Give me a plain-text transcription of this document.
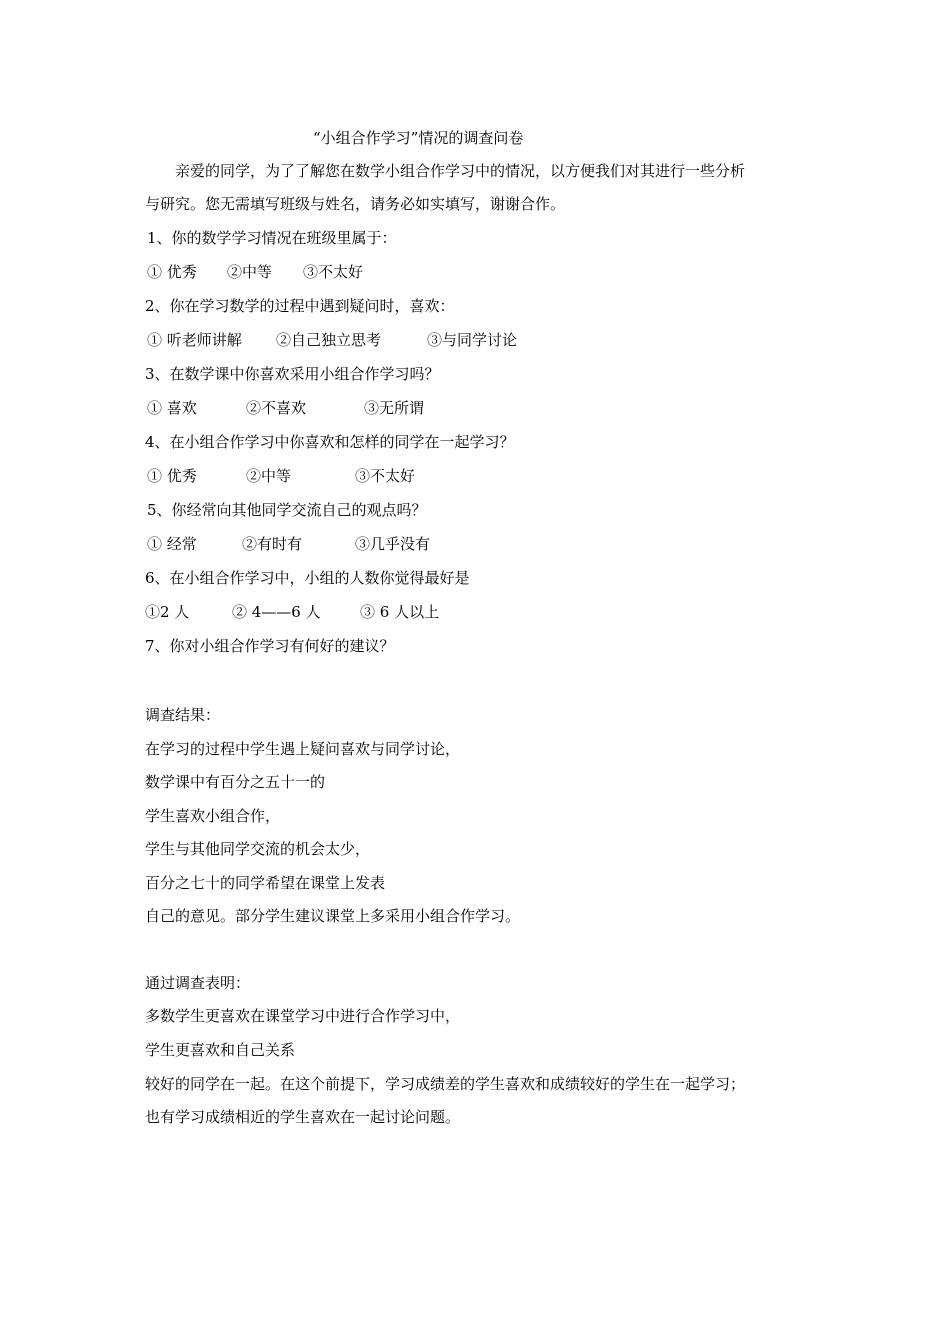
“小组合作学习”情况的调查问卷
亲爱的同学，为了了解您在数学小组合作学习中的情况，以方便我们对其进行一些分析
与研究。您无需填写班级与姓名，请务必如实填写，谢谢合作。
1、你的数学学习情况在班级里属于：
① 优秀 ②中等 ③不太好
2、你在学习数学的过程中遇到疑问时，喜欢：
① 听老师讲解 ②自己独立思考	③与同学讨论
3、在数学课中你喜欢采用小组合作学习吗？
① 喜欢	②不喜欢	③无所谓
4、在小组合作学习中你喜欢和怎样的同学在一起学习？
① 优秀	②中等	③不太好
5、你经常向其他同学交流自己的观点吗？
① 经常	②有时有	③几乎没有
6、在小组合作学习中，小组的人数你觉得最好是
①2 人	② 4——6 人	③ 6 人以上
7、你对小组合作学习有何好的建议？
调查结果：
在学习的过程中学生遇上疑问喜欢与同学讨论，
数学课中有百分之五十一的
学生喜欢小组合作，
学生与其他同学交流的机会太少，
百分之七十的同学希望在课堂上发表
自己的意见。部分学生建议课堂上多采用小组合作学习。
通过调查表明：
多数学生更喜欢在课堂学习中进行合作学习中，
学生更喜欢和自己关系
较好的同学在一起。在这个前提下，学习成绩差的学生喜欢和成绩较好的学生在一起学习；
也有学习成绩相近的学生喜欢在一起讨论问题。
